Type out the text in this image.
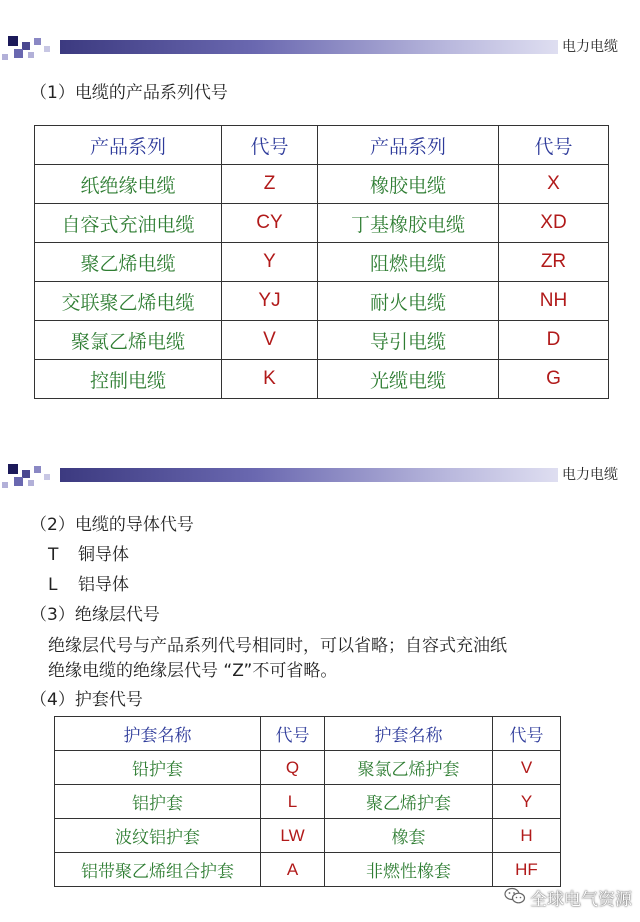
电力电缆
（1）电缆的产品系列代号
产品系列	代号	产品系列	代号
纸绝缘电缆	Z	橡胶电缆	X
自容式充油电缆	CY	丁基橡胶电缆	XD
聚乙烯电缆	Y	阻燃电缆	ZR
交联聚乙烯电缆	YJ	耐火电缆	NH
聚氯乙烯电缆	V	导引电缆	D
控制电缆	K	光缆电缆	G
电力电缆
（2）电缆的导体代号
T 铜导体
L 铝导体
（3）绝缘层代号
绝缘层代号与产品系列代号相同时，可以省略；自容式充油纸
绝缘电缆的绝缘层代号 “Z”不可省略。
（4）护套代号
护套名称	代号	护套名称	代号
铅护套	Q	聚氯乙烯护套	V
铝护套	L	聚乙烯护套	Y
波纹铝护套	LW	橡套	H
铝带聚乙烯组合护套	A	非燃性橡套	HF
全球电气资源
